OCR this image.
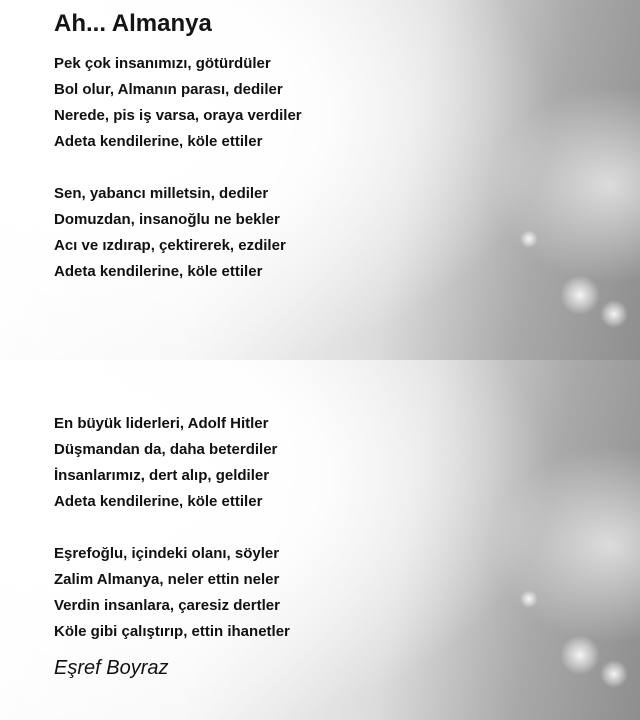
Ah... Almanya
Pek çok insanımızı, götürdüler
Bol olur, Almanın parası, dediler
Nerede, pis iş varsa, oraya verdiler
Adeta kendilerine, köle ettiler
Sen, yabancı milletsin, dediler
Domuzdan, insanoğlu ne bekler
Acı ve ızdırap, çektirerek, ezdiler
Adeta kendilerine, köle ettiler
En büyük liderleri, Adolf Hitler
Düşmandan da, daha beterdiler
İnsanlarımız, dert alıp, geldiler
Adeta kendilerine, köle ettiler
Eşrefoğlu, içindeki olanı, söyler
Zalim Almanya, neler ettin neler
Verdin insanlara, çaresiz dertler
Köle gibi çalıştırıp, ettin ihanetler
Eşref Boyraz
